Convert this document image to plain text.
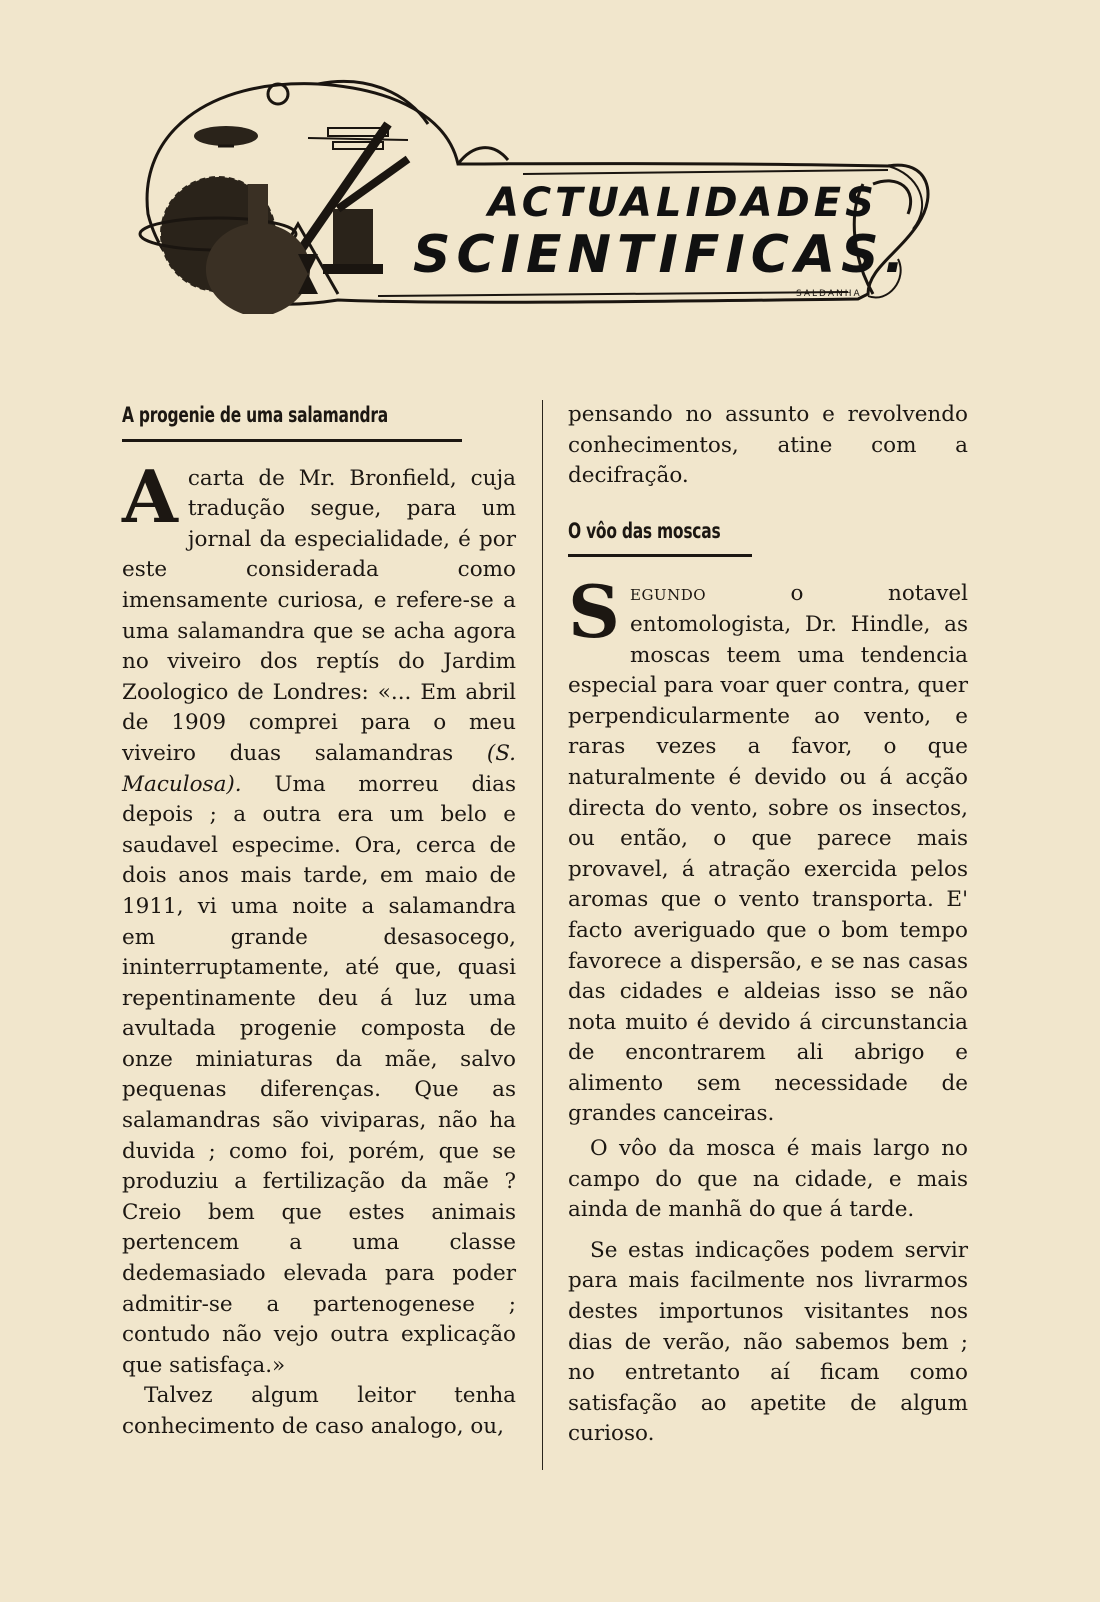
ACTUALIDADES
SCIENTIFICAS.
SALDANHA
A progenie de uma salamandra

Acarta de Mr. Bronfield, cuja tradução segue, para um jornal da especialidade, é por este considerada como imensamente curiosa, e refere-se a uma salamandra que se acha agora no viveiro dos reptís do Jardim Zoologico de Londres: «... Em abril de 1909 comprei para o meu viveiro duas salamandras (S. Maculosa). Uma morreu dias depois ; a outra era um belo e saudavel especime. Ora, cerca de dois anos mais tarde, em maio de 1911, vi uma noite a salamandra em grande desasocego, ininterruptamente, até que, quasi repentinamente deu á luz uma avultada progenie composta de onze miniaturas da mãe, salvo pequenas diferenças. Que as salamandras são viviparas, não ha duvida ; como foi, porém, que se produziu a fertilização da mãe ? Creio bem que estes animais pertencem a uma classe dedemasiado elevada para poder admitir-se a partenogenese ; contudo não vejo outra explicação que satisfaça.»

Talvez algum leitor tenha conhecimento de caso analogo, ou,

pensando no assunto e revolvendo conhecimentos, atine com a decifração.

O vôo das moscas

Segundo o notavel entomologista, Dr. Hindle, as moscas teem uma tendencia especial para voar quer contra, quer perpendicularmente ao vento, e raras vezes a favor, o que naturalmente é devido ou á acção directa do vento, sobre os insectos, ou então, o que parece mais provavel, á atração exercida pelos aromas que o vento transporta. E' facto averiguado que o bom tempo favorece a dispersão, e se nas casas das cidades e aldeias isso se não nota muito é devido á circunstancia de encontrarem ali abrigo e alimento sem necessidade de grandes canceiras.

O vôo da mosca é mais largo no campo do que na cidade, e mais ainda de manhã do que á tarde.

Se estas indicações podem servir para mais facilmente nos livrarmos destes importunos visitantes nos dias de verão, não sabemos bem ; no entretanto aí ficam como satisfação ao apetite de algum curioso.
